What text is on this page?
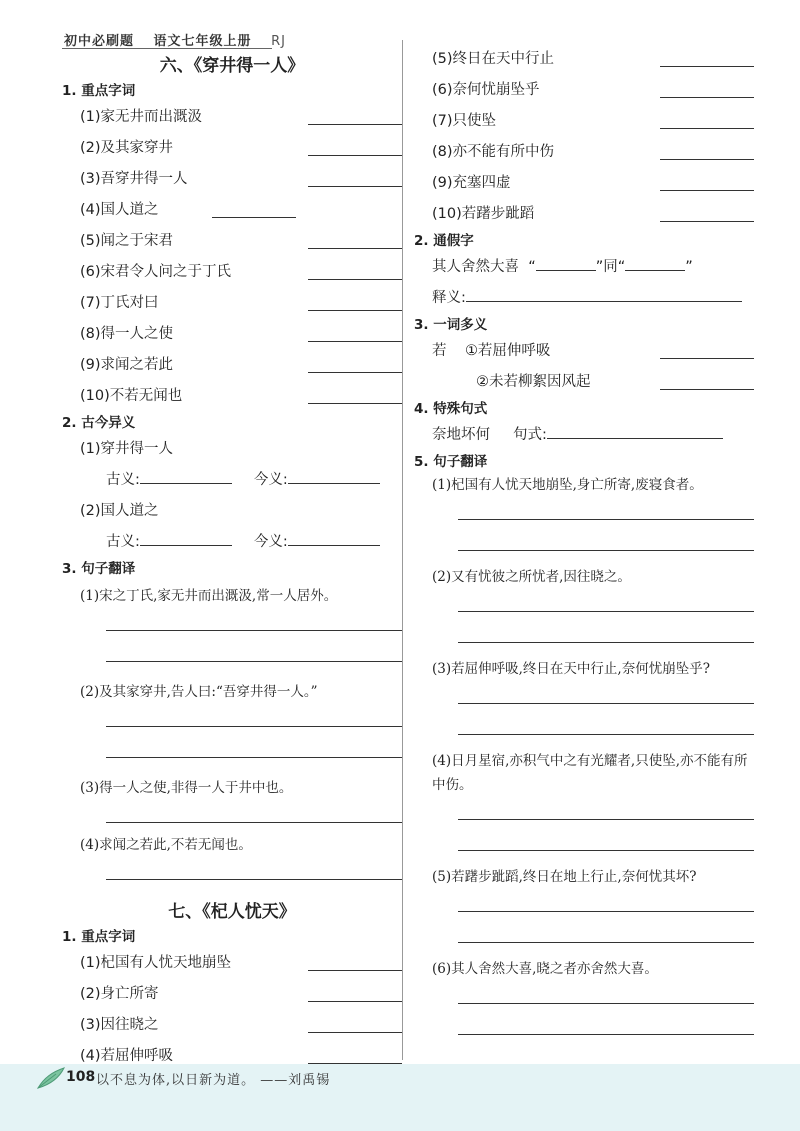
初中必刷题 语文七年级上册 RJ
六、《穿井得一人》
1. 重点字词
(1)家无井而出溉汲
(2)及其家穿井
(3)吾穿井得一人
(4)国人道之
(5)闻之于宋君
(6)宋君令人问之于丁氏
(7)丁氏对曰
(8)得一人之使
(9)求闻之若此
(10)不若无闻也
2. 古今异义
(1)穿井得一人
古义:	今义:
(2)国人道之
古义:	今义:
3. 句子翻译
(1)宋之丁氏,家无井而出溉汲,常一人居外。
(2)及其家穿井,告人曰:“吾穿井得一人。”
(3)得一人之使,非得一人于井中也。
(4)求闻之若此,不若无闻也。
七、《杞人忧天》
1. 重点字词
(1)杞国有人忧天地崩坠
(2)身亡所寄
(3)因往晓之
(4)若屈伸呼吸
(5)终日在天中行止
(6)奈何忧崩坠乎
(7)只使坠
(8)亦不能有所中伤
(9)充塞四虚
(10)若躇步跐蹈
2. 通假字
其人舍然大喜 “	”同“	”
释义:
3. 一词多义
若 ①若屈伸呼吸
②未若柳絮因风起
4. 特殊句式
奈地坏何 句式:
5. 句子翻译
(1)杞国有人忧天地崩坠,身亡所寄,废寝食者。
(2)又有忧彼之所忧者,因往晓之。
(3)若屈伸呼吸,终日在天中行止,奈何忧崩坠乎?
(4)日月星宿,亦积气中之有光耀者,只使坠,亦不能有所中伤。
(5)若躇步跐蹈,终日在地上行止,奈何忧其坏?
(6)其人舍然大喜,晓之者亦舍然大喜。
108 以不息为体,以日新为道。 ——刘禹锡
